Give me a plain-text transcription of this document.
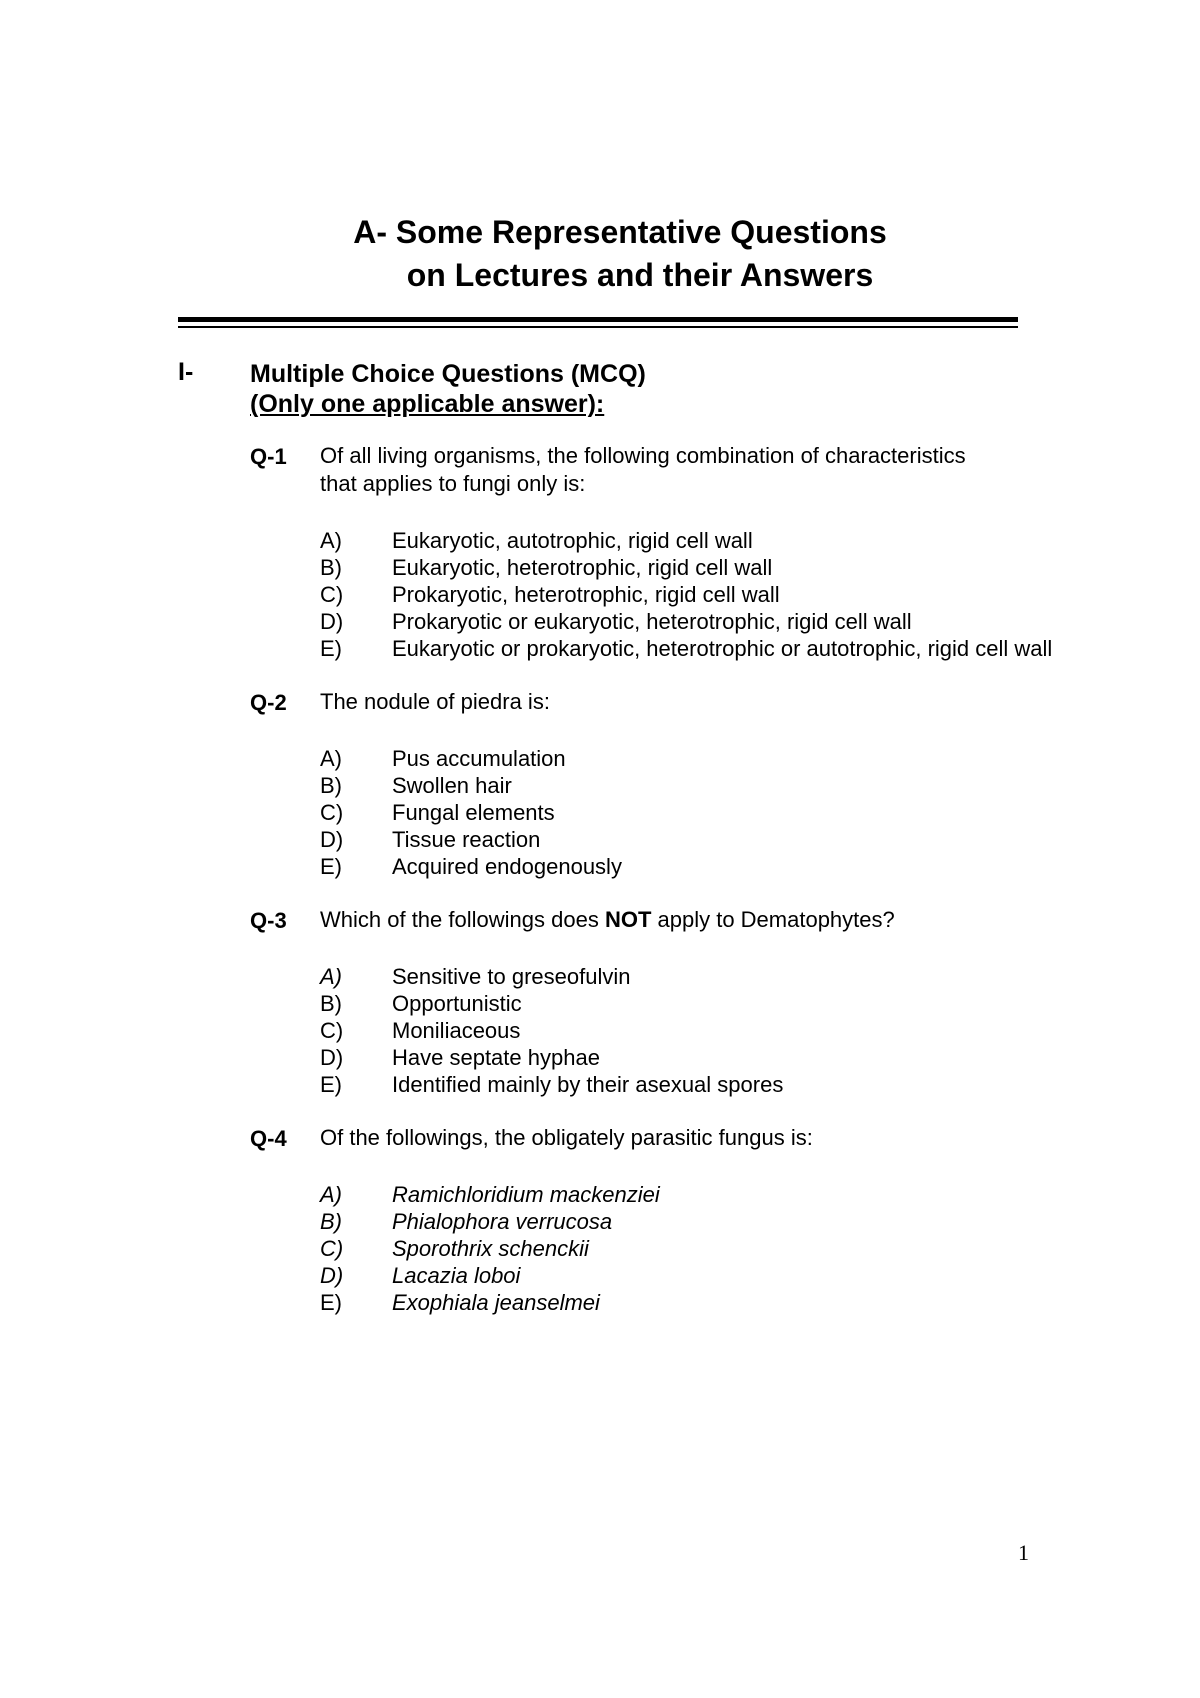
A- Some Representative Questions
on Lectures and their Answers
I- Multiple Choice Questions (MCQ)
(Only one applicable answer):
Q-1 Of all living organisms, the following combination of characteristics
that applies to fungi only is:
A) Eukaryotic, autotrophic, rigid cell wall
B) Eukaryotic, heterotrophic, rigid cell wall
C) Prokaryotic, heterotrophic, rigid cell wall
D) Prokaryotic or eukaryotic, heterotrophic, rigid cell wall
E) Eukaryotic or prokaryotic, heterotrophic or autotrophic, rigid cell wall
Q-2 The nodule of piedra is:
A) Pus accumulation
B) Swollen hair
C) Fungal elements
D) Tissue reaction
E) Acquired endogenously
Q-3 Which of the followings does NOT apply to Dematophytes?
A) Sensitive to greseofulvin
B) Opportunistic
C) Moniliaceous
D) Have septate hyphae
E) Identified mainly by their asexual spores
Q-4 Of the followings, the obligately parasitic fungus is:
A) Ramichloridium mackenziei
B) Phialophora verrucosa
C) Sporothrix schenckii
D) Lacazia loboi
E) Exophiala jeanselmei
1
